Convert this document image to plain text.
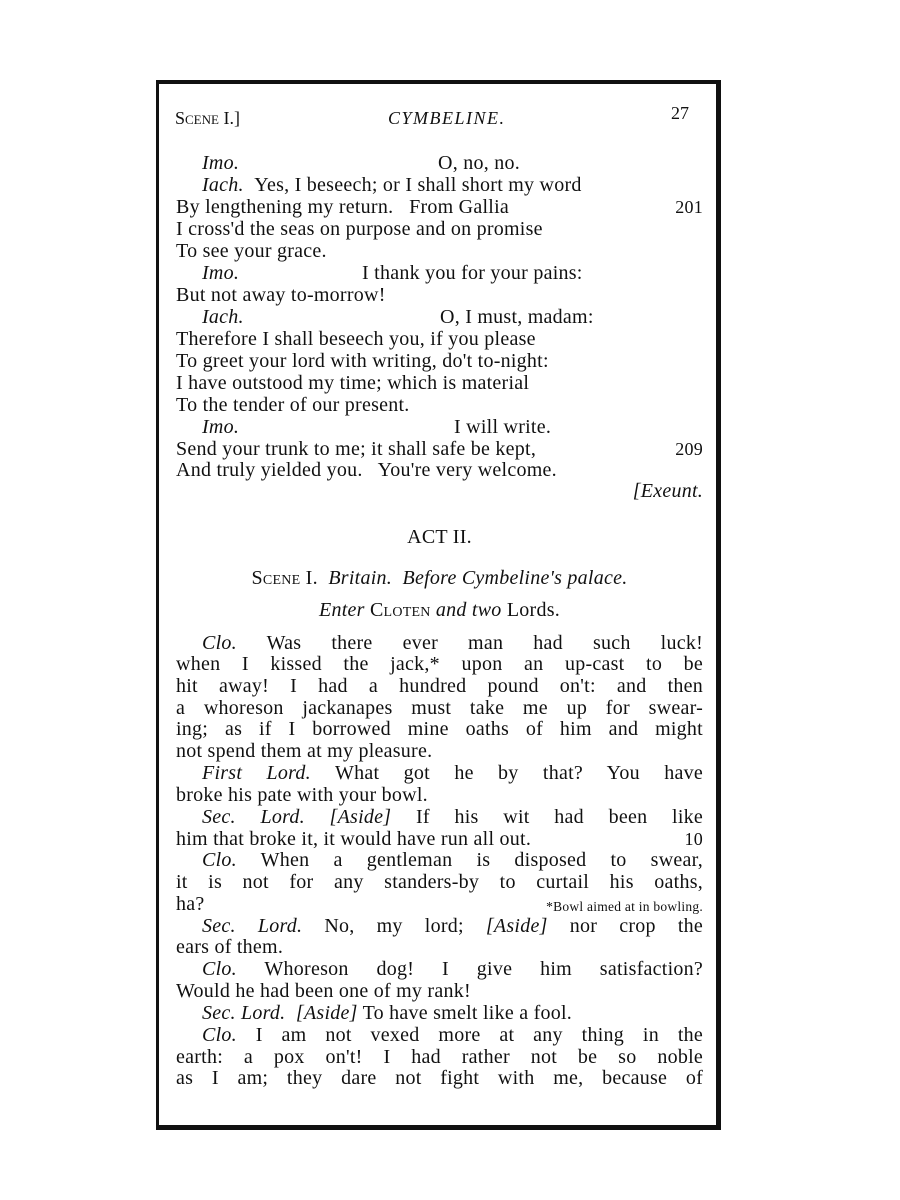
Scene I.]	CYMBELINE.	27
Imo.	O, no, no.
Iach. Yes, I beseech; or I shall short my word
By lengthening my return.   From Gallia	201
I cross'd the seas on purpose and on promise
To see your grace.
Imo.	I thank you for your pains:
But not away to-morrow!
Iach.	O, I must, madam:
Therefore I shall beseech you, if you please
To greet your lord with writing, do't to-night:
I have outstood my time; which is material
To the tender of our present.
Imo.	I will write.
Send your trunk to me; it shall safe be kept,	209
And truly yielded you.   You're very welcome.
[Exeunt.
ACT II.
Scene I. Britain. Before Cymbeline's palace.
Enter Cloten and two Lords.
Clo. Was there ever man had such luck!
when I kissed the jack,* upon an up-cast to be
hit away! I had a hundred pound on't: and then
a whoreson jackanapes must take me up for swear-
ing; as if I borrowed mine oaths of him and might
not spend them at my pleasure.
First Lord. What got he by that? You have
broke his pate with your bowl.
Sec. Lord. [Aside] If his wit had been like
him that broke it, it would have run all out.	10
Clo. When a gentleman is disposed to swear,
it is not for any standers-by to curtail his oaths,
ha?	*Bowl aimed at in bowling.
Sec. Lord. No, my lord; [Aside] nor crop the
ears of them.
Clo. Whoreson dog! I give him satisfaction?
Would he had been one of my rank!
Sec. Lord. [Aside] To have smelt like a fool.
Clo. I am not vexed more at any thing in the
earth: a pox on't! I had rather not be so noble
as I am; they dare not fight with me, because of
